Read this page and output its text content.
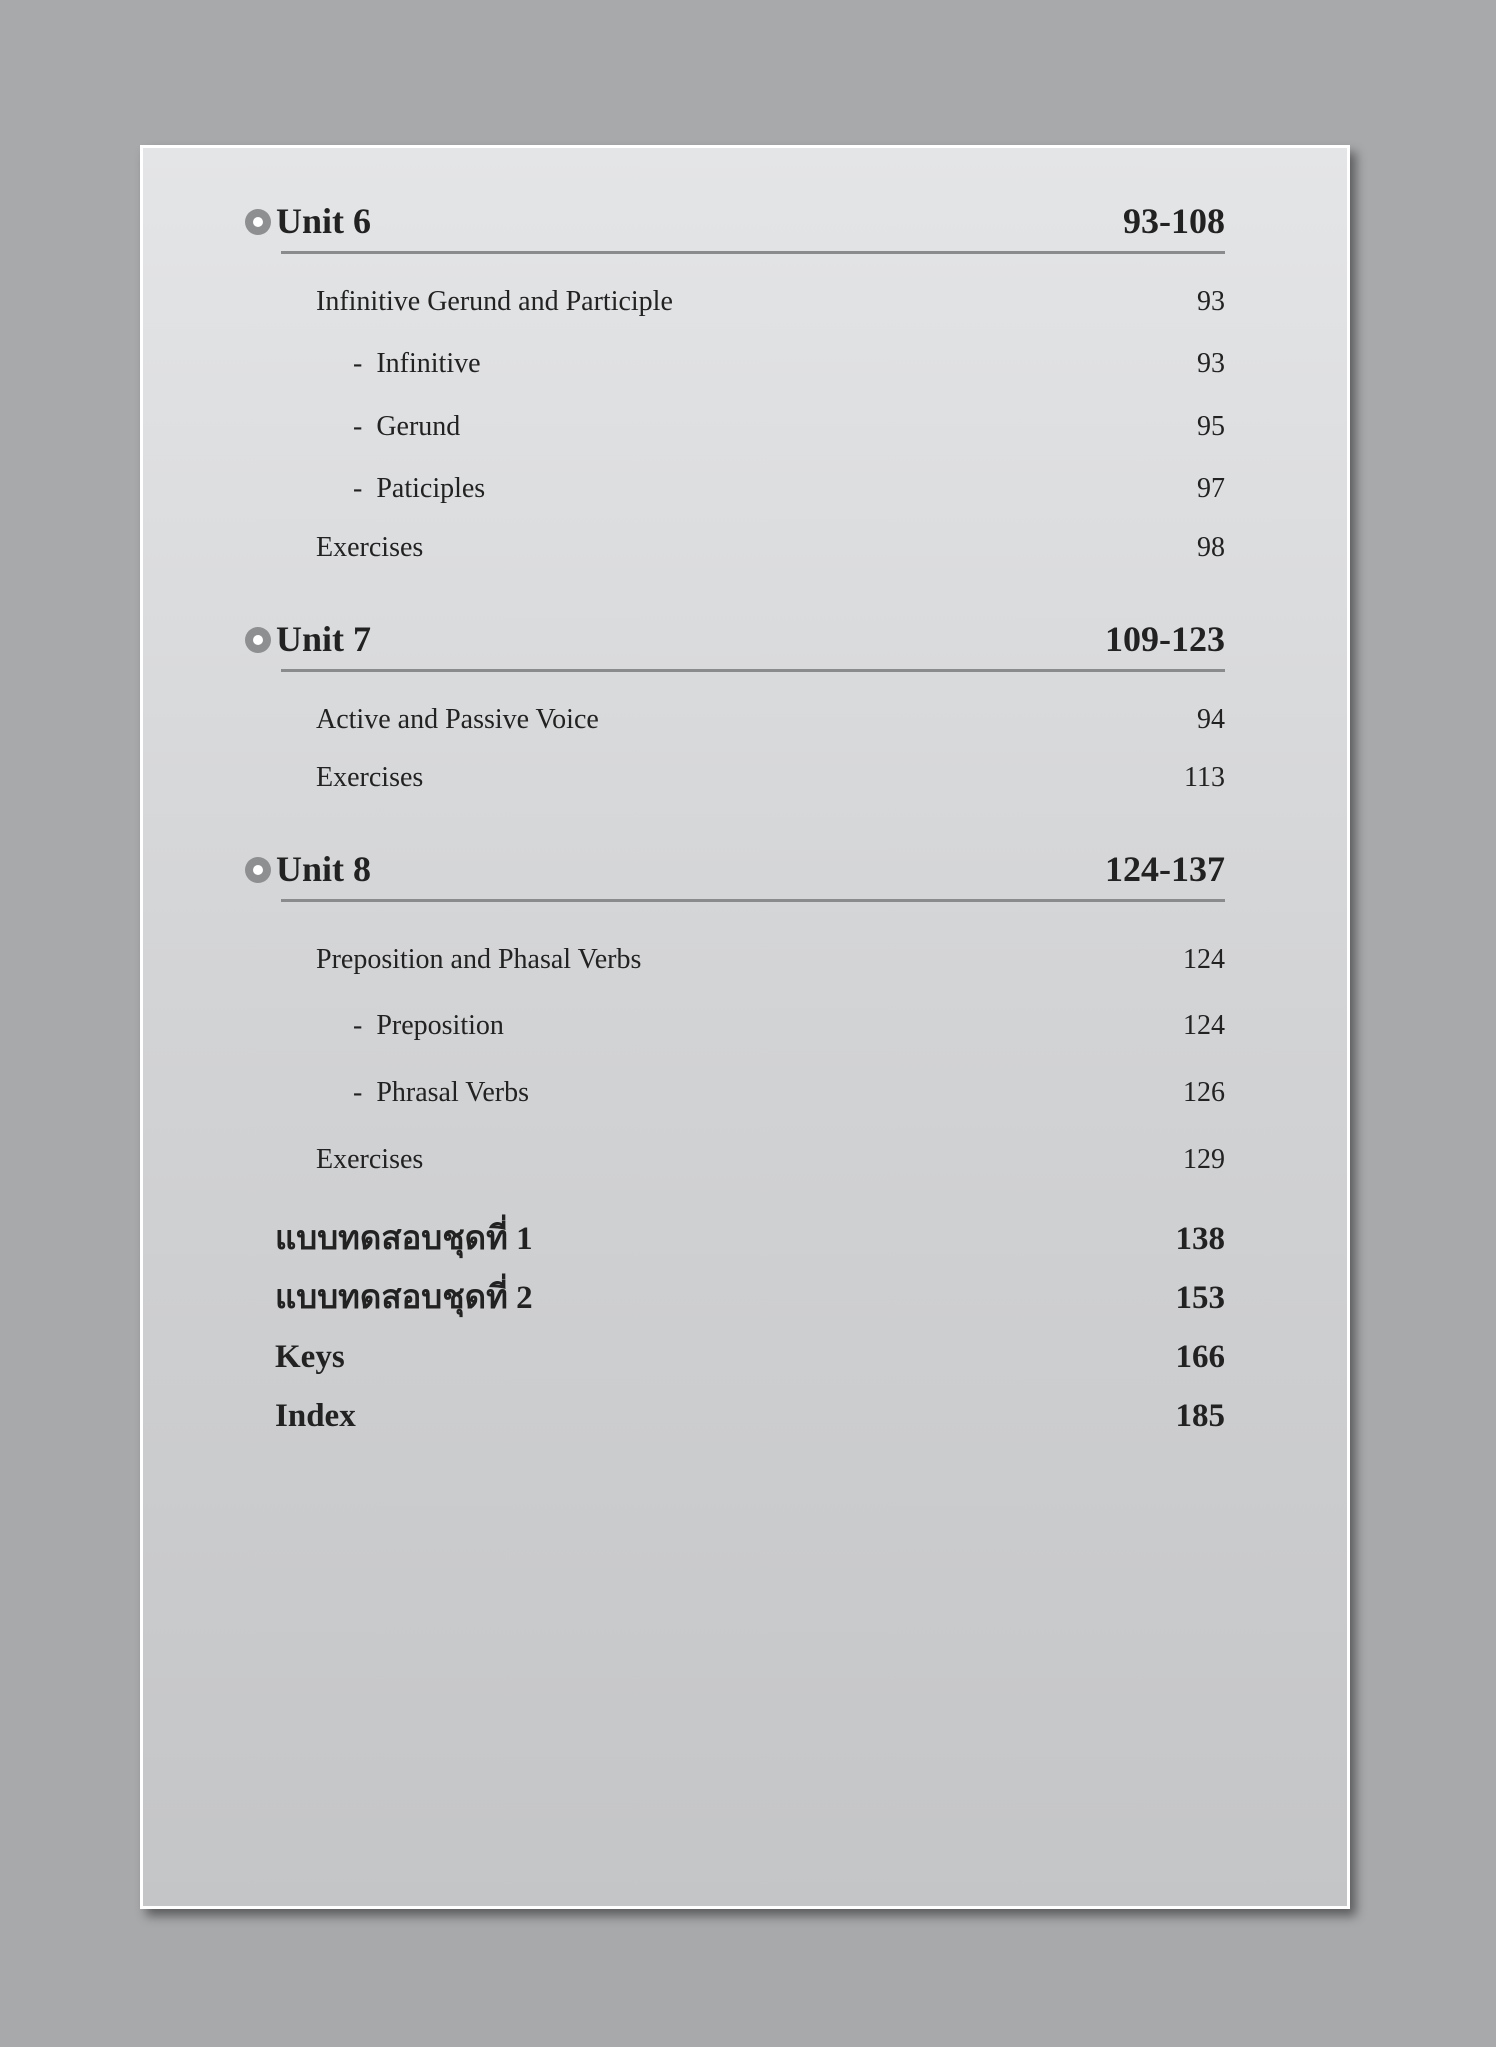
Unit 6	93-108
Infinitive Gerund and Participle	93
- Infinitive	93
- Gerund	95
- Paticiples	97
Exercises	98
Unit 7	109-123
Active and Passive Voice	94
Exercises	113
Unit 8	124-137
Preposition and Phasal Verbs	124
- Preposition	124
- Phrasal Verbs	126
Exercises	129
แบบทดสอบชุดที่ 1	138
แบบทดสอบชุดที่ 2	153
Keys	166
Index	185
